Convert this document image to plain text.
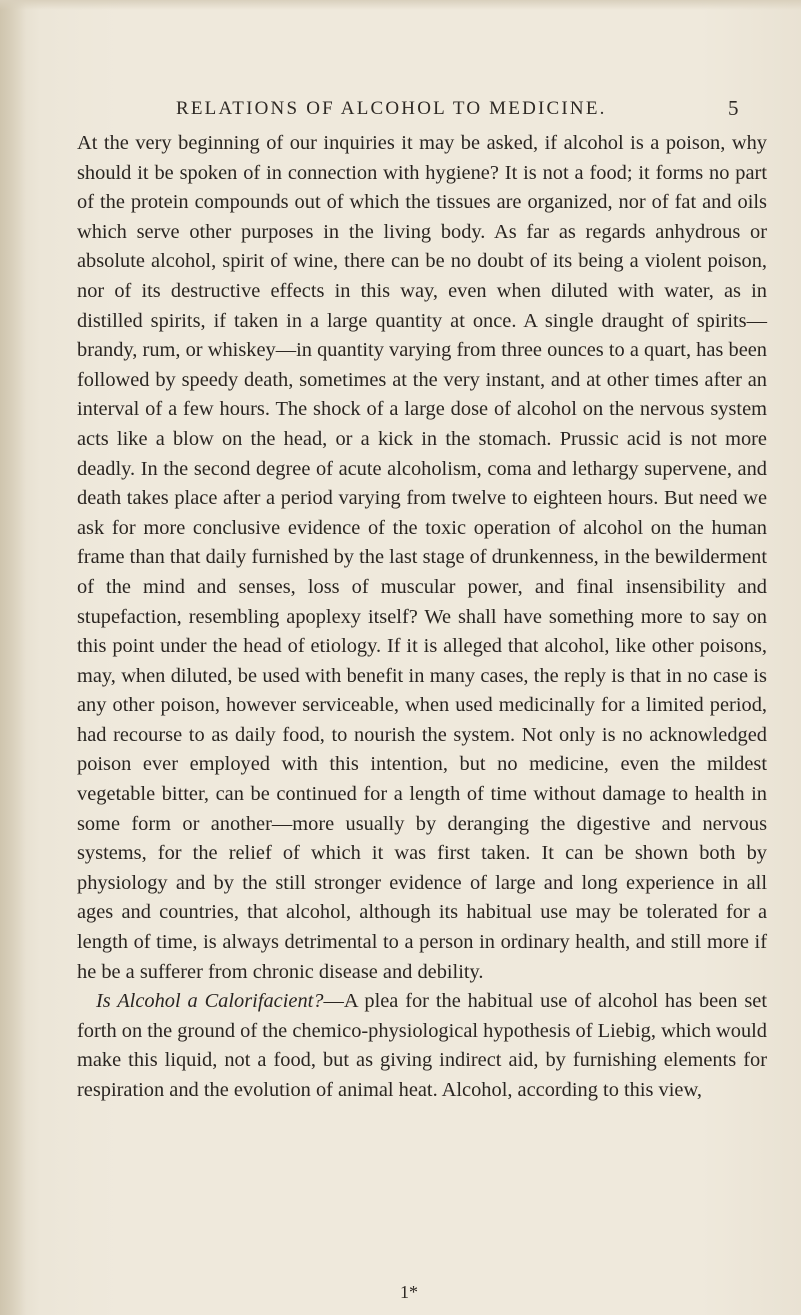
RELATIONS OF ALCOHOL TO MEDICINE.	5

At the very beginning of our inquiries it may be asked, if alcohol is a poison, why should it be spoken of in connection with hygiene? It is not a food; it forms no part of the protein compounds out of which the tissues are organized, nor of fat and oils which serve other purposes in the living body. As far as regards anhydrous or absolute alcohol, spirit of wine, there can be no doubt of its being a violent poison, nor of its destructive effects in this way, even when diluted with water, as in distilled spirits, if taken in a large quantity at once. A single draught of spirits—brandy, rum, or whiskey—in quantity varying from three ounces to a quart, has been followed by speedy death, sometimes at the very instant, and at other times after an interval of a few hours. The shock of a large dose of alcohol on the nervous system acts like a blow on the head, or a kick in the stomach. Prussic acid is not more deadly. In the second degree of acute alcoholism, coma and lethargy supervene, and death takes place after a period varying from twelve to eighteen hours. But need we ask for more conclusive evidence of the toxic operation of alcohol on the human frame than that daily furnished by the last stage of drunkenness, in the bewilderment of the mind and senses, loss of muscular power, and final insensibility and stupefaction, resembling apoplexy itself? We shall have something more to say on this point under the head of etiology. If it is alleged that alcohol, like other poisons, may, when diluted, be used with benefit in many cases, the reply is that in no case is any other poison, however serviceable, when used medicinally for a limited period, had recourse to as daily food, to nourish the system. Not only is no acknowledged poison ever employed with this intention, but no medicine, even the mildest vegetable bitter, can be continued for a length of time without damage to health in some form or another—more usually by deranging the digestive and nervous systems, for the relief of which it was first taken. It can be shown both by physiology and by the still stronger evidence of large and long experience in all ages and countries, that alcohol, although its habitual use may be tolerated for a length of time, is always detrimental to a person in ordinary health, and still more if he be a sufferer from chronic disease and debility.

Is Alcohol a Calorifacient?—A plea for the habitual use of alcohol has been set forth on the ground of the chemico-physiological hypothesis of Liebig, which would make this liquid, not a food, but as giving indirect aid, by furnishing elements for respiration and the evolution of animal heat. Alcohol, according to this view,

1*
